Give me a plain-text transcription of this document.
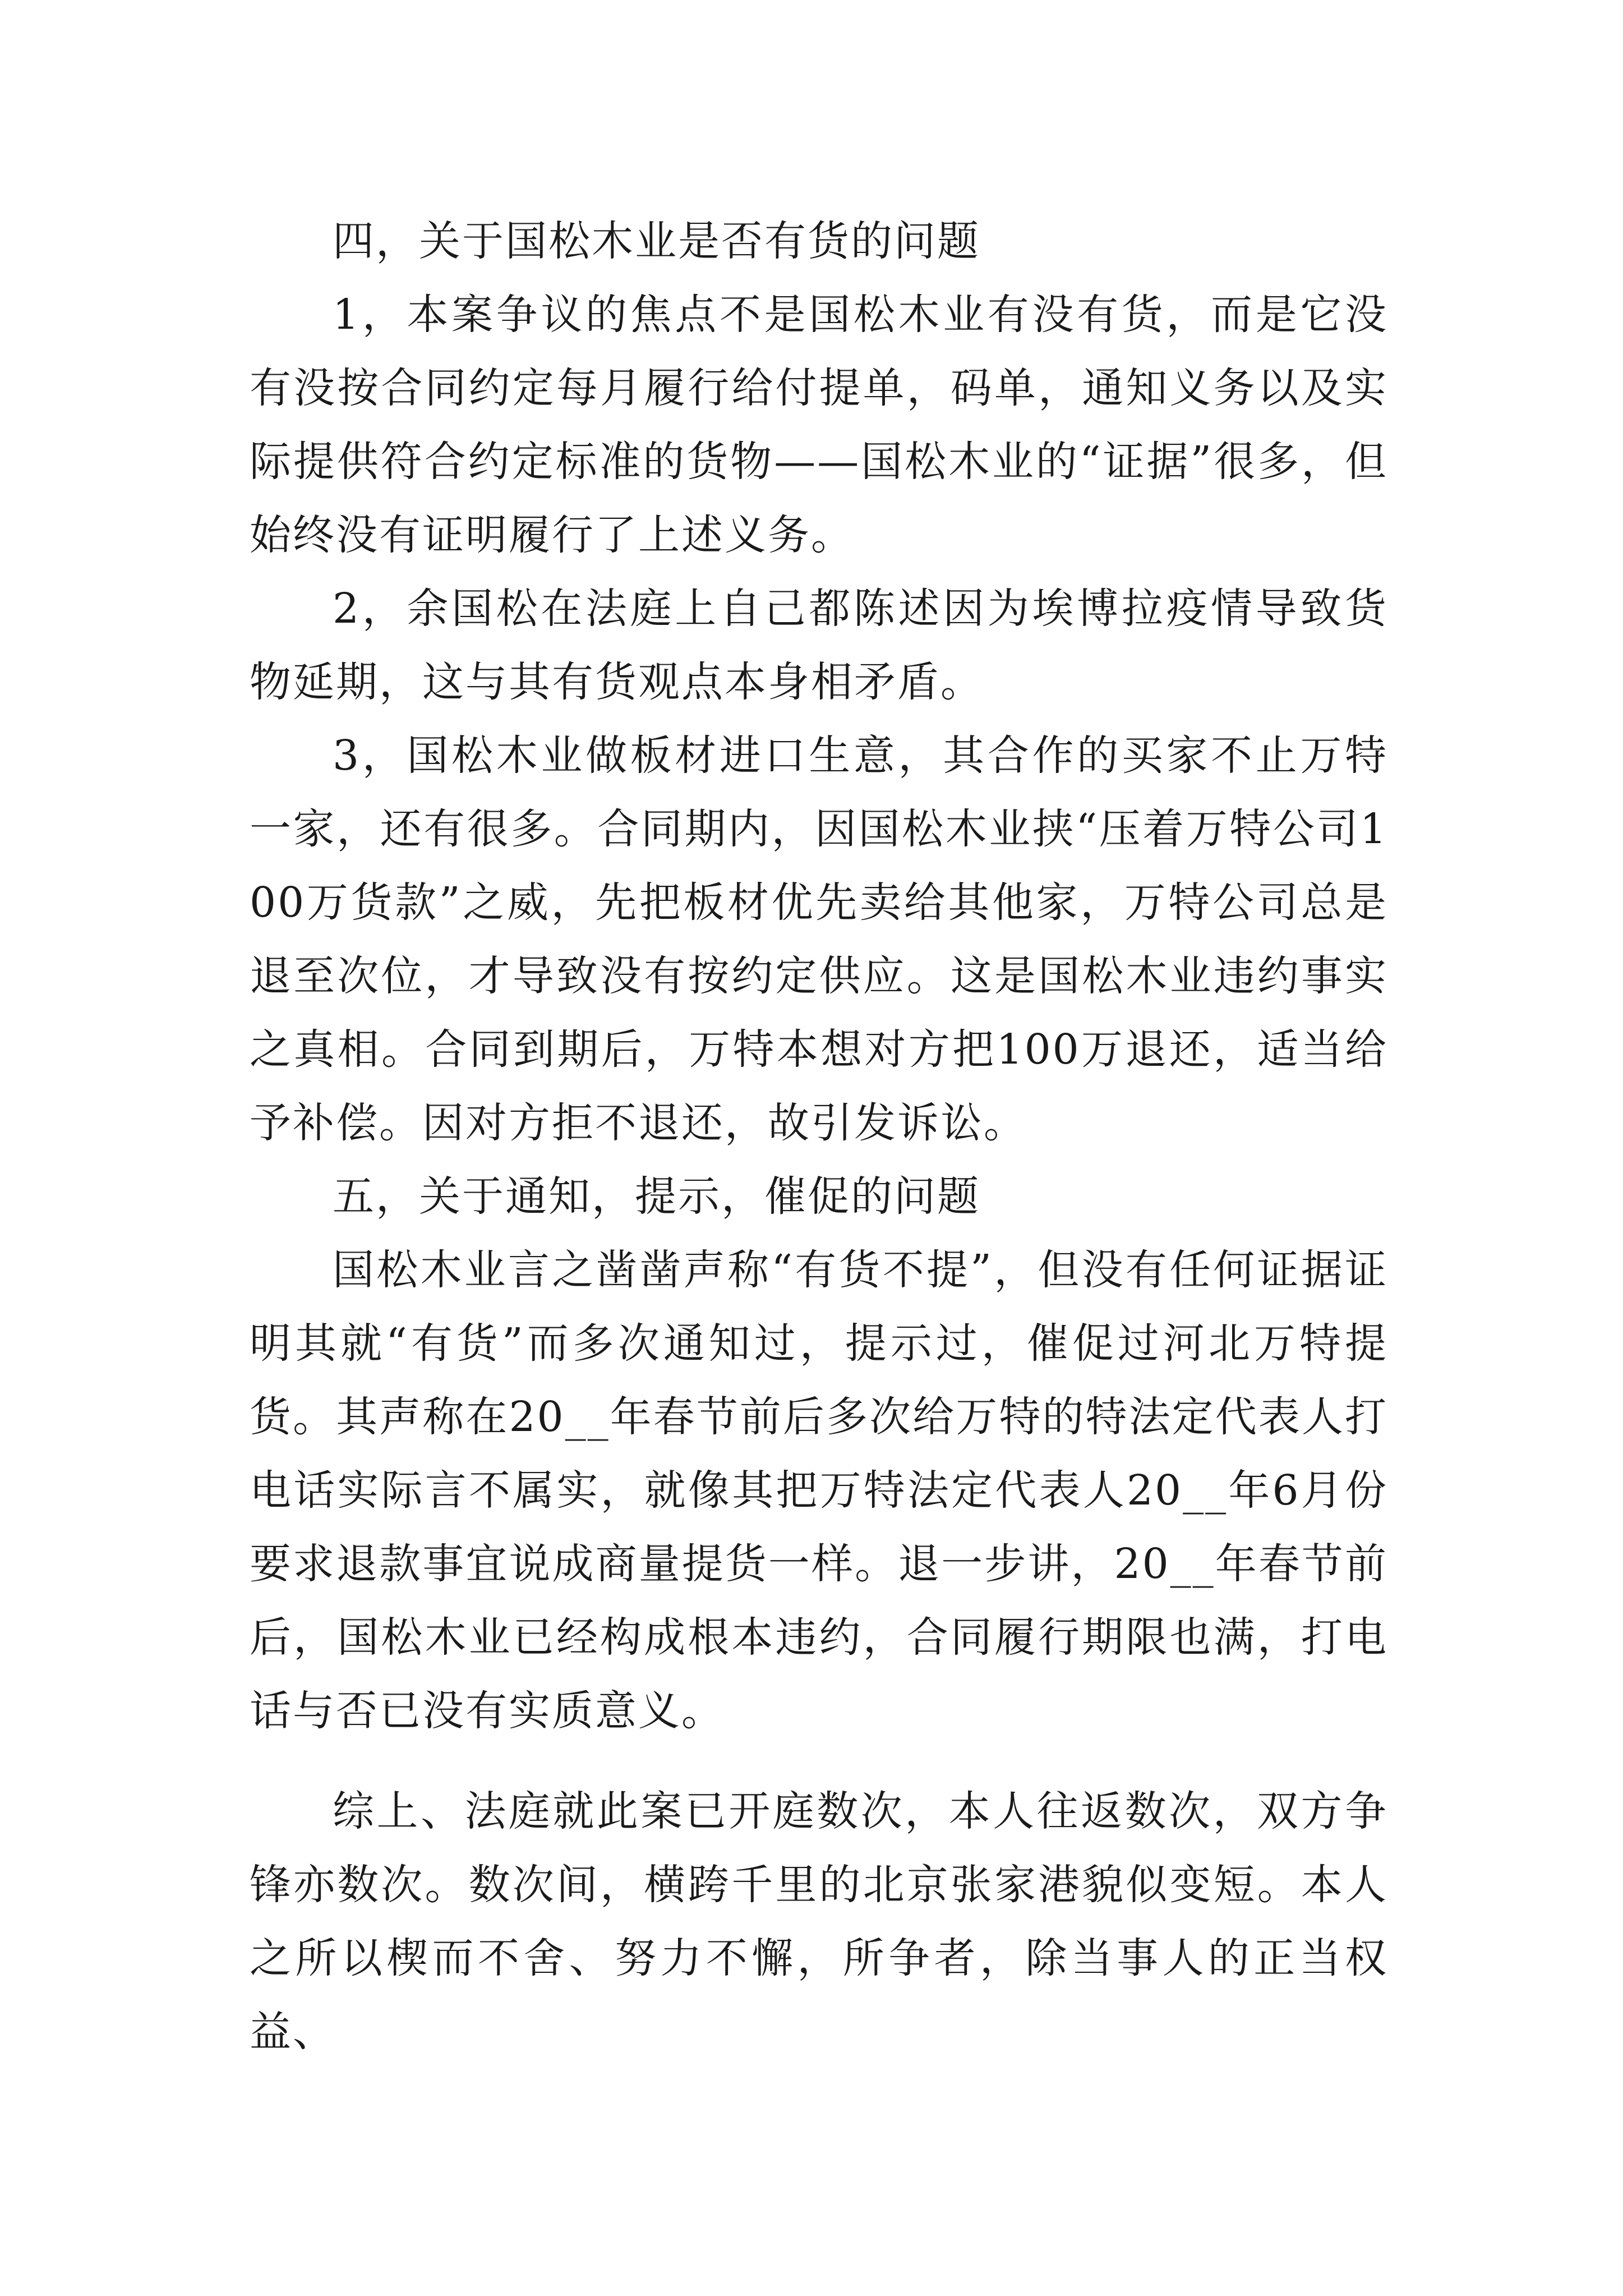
四，关于国松木业是否有货的问题

1，本案争议的焦点不是国松木业有没有货，而是它没有没按合同约定每月履行给付提单，码单，通知义务以及实际提供符合约定标准的货物——国松木业的“证据”很多，但始终没有证明履行了上述义务。

2，余国松在法庭上自己都陈述因为埃博拉疫情导致货物延期，这与其有货观点本身相矛盾。

3，国松木业做板材进口生意，其合作的买家不止万特一家，还有很多。合同期内，因国松木业挟“压着万特公司100万货款”之威，先把板材优先卖给其他家，万特公司总是退至次位，才导致没有按约定供应。这是国松木业违约事实之真相。合同到期后，万特本想对方把100万退还，适当给予补偿。因对方拒不退还，故引发诉讼。

五，关于通知，提示，催促的问题

国松木业言之凿凿声称“有货不提”，但没有任何证据证明其就“有货”而多次通知过，提示过，催促过河北万特提货。其声称在20__年春节前后多次给万特的特法定代表人打电话实际言不属实，就像其把万特法定代表人20__年6月份要求退款事宜说成商量提货一样。退一步讲，20__年春节前后，国松木业已经构成根本违约，合同履行期限也满，打电话与否已没有实质意义。

综上、法庭就此案已开庭数次，本人往返数次，双方争锋亦数次。数次间，横跨千里的北京张家港貌似变短。本人之所以楔而不舍、努力不懈，所争者，除当事人的正当权益、
